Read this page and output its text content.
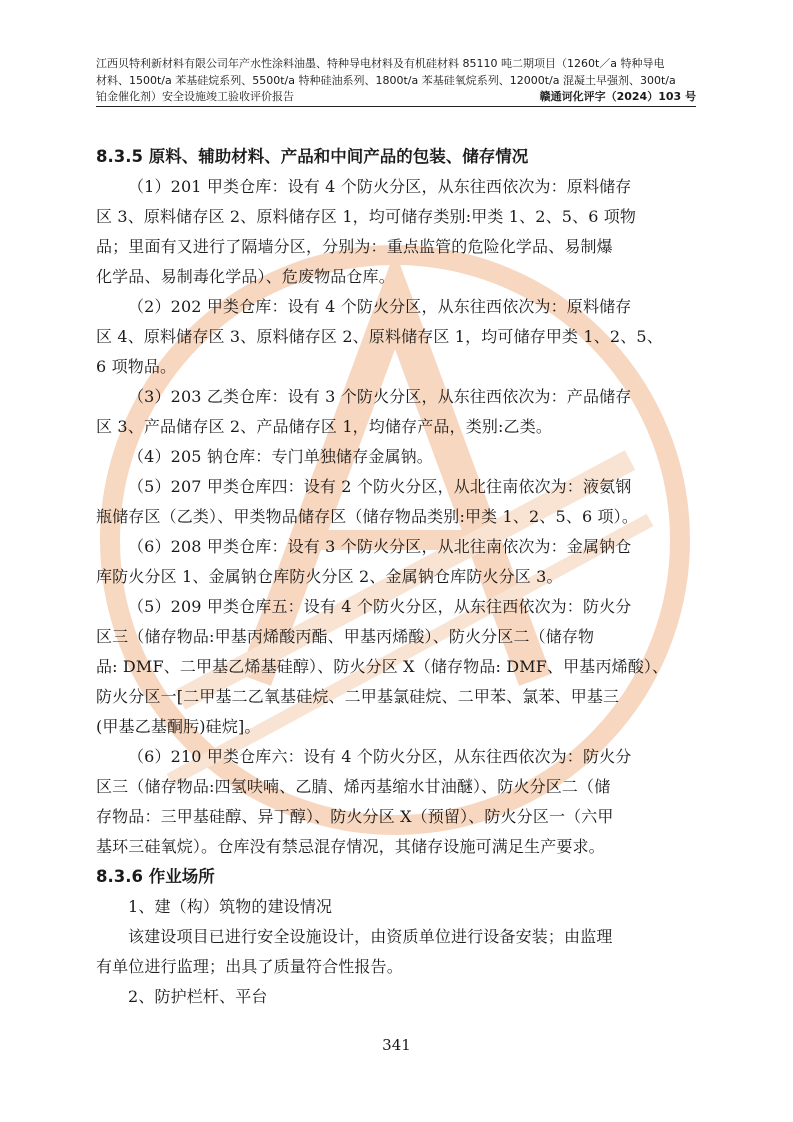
江西贝特利新材料有限公司年产水性涂料油墨、特种导电材料及有机硅材料 85110 吨二期项目（1260t／a 特种导电
材料、1500t/a 苯基硅烷系列、5500t/a 特种硅油系列、1800t/a 苯基硅氧烷系列、12000t/a 混凝土早强剂、300t/a
铂金催化剂）安全设施竣工验收评价报告	赣通诃化评字（2024）103 号
8.3.5 原料、辅助材料、产品和中间产品的包装、储存情况

（1）201 甲类仓库：设有 4 个防火分区，从东往西依次为：原料储存
区 3、原料储存区 2、原料储存区 1，均可储存类别:甲类 1、2、5、6 项物
品；里面有又进行了隔墙分区，分别为：重点监管的危险化学品、易制爆
化学品、易制毒化学品）、危废物品仓库。

（2）202 甲类仓库：设有 4 个防火分区，从东往西依次为：原料储存
区 4、原料储存区 3、原料储存区 2、原料储存区 1，均可储存甲类 1、2、5、
6 项物品。

（3）203 乙类仓库：设有 3 个防火分区，从东往西依次为：产品储存
区 3、产品储存区 2、产品储存区 1，均储存产品，类别:乙类。

（4）205 钠仓库：专门单独储存金属钠。

（5）207 甲类仓库四：设有 2 个防火分区，从北往南依次为：液氨钢
瓶储存区（乙类）、甲类物品储存区（储存物品类别:甲类 1、2、5、6 项）。

（6）208 甲类仓库：设有 3 个防火分区，从北往南依次为：金属钠仓
库防火分区 1、金属钠仓库防火分区 2、金属钠仓库防火分区 3。

（5）209 甲类仓库五：设有 4 个防火分区，从东往西依次为：防火分
区三（储存物品:甲基丙烯酸丙酯、甲基丙烯酸）、防火分区二（储存物
品: DMF、二甲基乙烯基硅醇）、防火分区 X（储存物品: DMF、甲基丙烯酸）、
防火分区一[二甲基二乙氧基硅烷、二甲基氯硅烷、二甲苯、氯苯、甲基三
(甲基乙基酮肟)硅烷]。

（6）210 甲类仓库六：设有 4 个防火分区，从东往西依次为：防火分
区三（储存物品:四氢呋喃、乙腈、烯丙基缩水甘油醚）、防火分区二（储
存物品：三甲基硅醇、异丁醇）、防火分区 X（预留）、防火分区一（六甲
基环三硅氧烷）。仓库没有禁忌混存情况，其储存设施可满足生产要求。

8.3.6 作业场所

1、建（构）筑物的建设情况

该建设项目已进行安全设施设计，由资质单位进行设备安装；由监理
有单位进行监理；出具了质量符合性报告。

2、防护栏杆、平台

341
